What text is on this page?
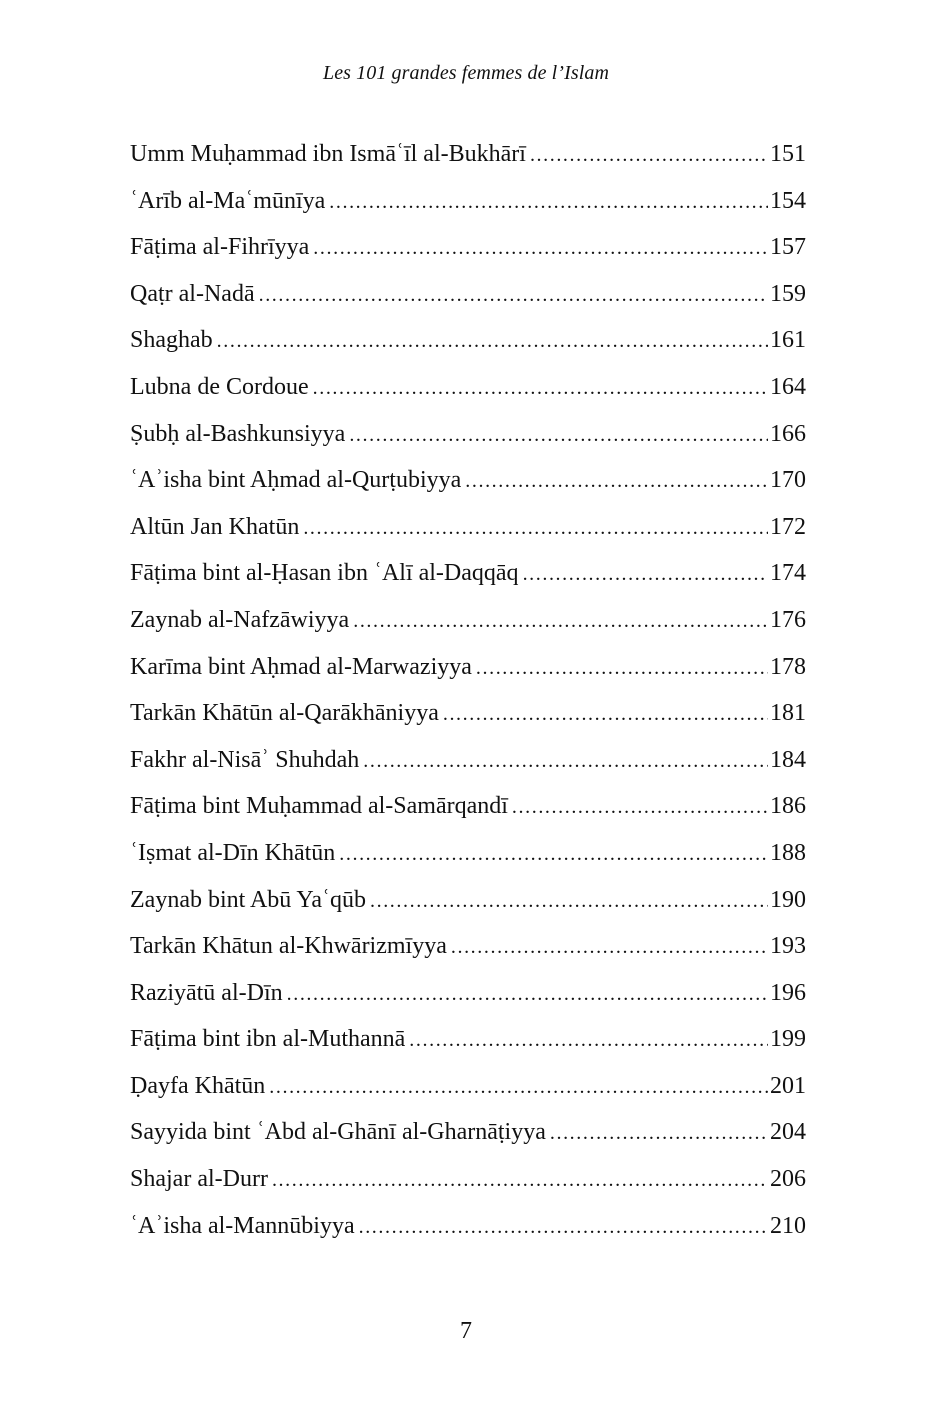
Les 101 grandes femmes de l’Islam
Umm Muḥammad ibn Ismāʿīl al-Bukhārī .....	151
ʿArīb al-Maʿmūnīya .....	154
Fāṭima al-Fihrīyya .....	157
Qaṭr al-Nadā .....	159
Shaghab .....	161
Lubna de Cordoue .....	164
Ṣubḥ al-Bashkunsiyya .....	166
ʿAʾisha bint Aḥmad al-Qurṭubiyya .....	170
Altūn Jan Khatūn .....	172
Fāṭima bint al-Ḥasan ibn ʿAlī al-Daqqāq .....	174
Zaynab al-Nafzāwiyya .....	176
Karīma bint Aḥmad al-Marwaziyya .....	178
Tarkān Khātūn al-Qarākhāniyya .....	181
Fakhr al-Nisāʾ Shuhdah .....	184
Fāṭima bint Muḥammad al-Samārqandī .....	186
ʿIṣmat al-Dīn Khātūn .....	188
Zaynab bint Abū Yaʿqūb .....	190
Tarkān Khātun al-Khwārizmīyya .....	193
Raziyātū al-Dīn .....	196
Fāṭima bint ibn al-Muthannā .....	199
Ḍayfa Khātūn .....	201
Sayyida bint ʿAbd al-Ghānī al-Gharnāṭiyya .....	204
Shajar al-Durr .....	206
ʿAʾisha al-Mannūbiyya .....	210
7
